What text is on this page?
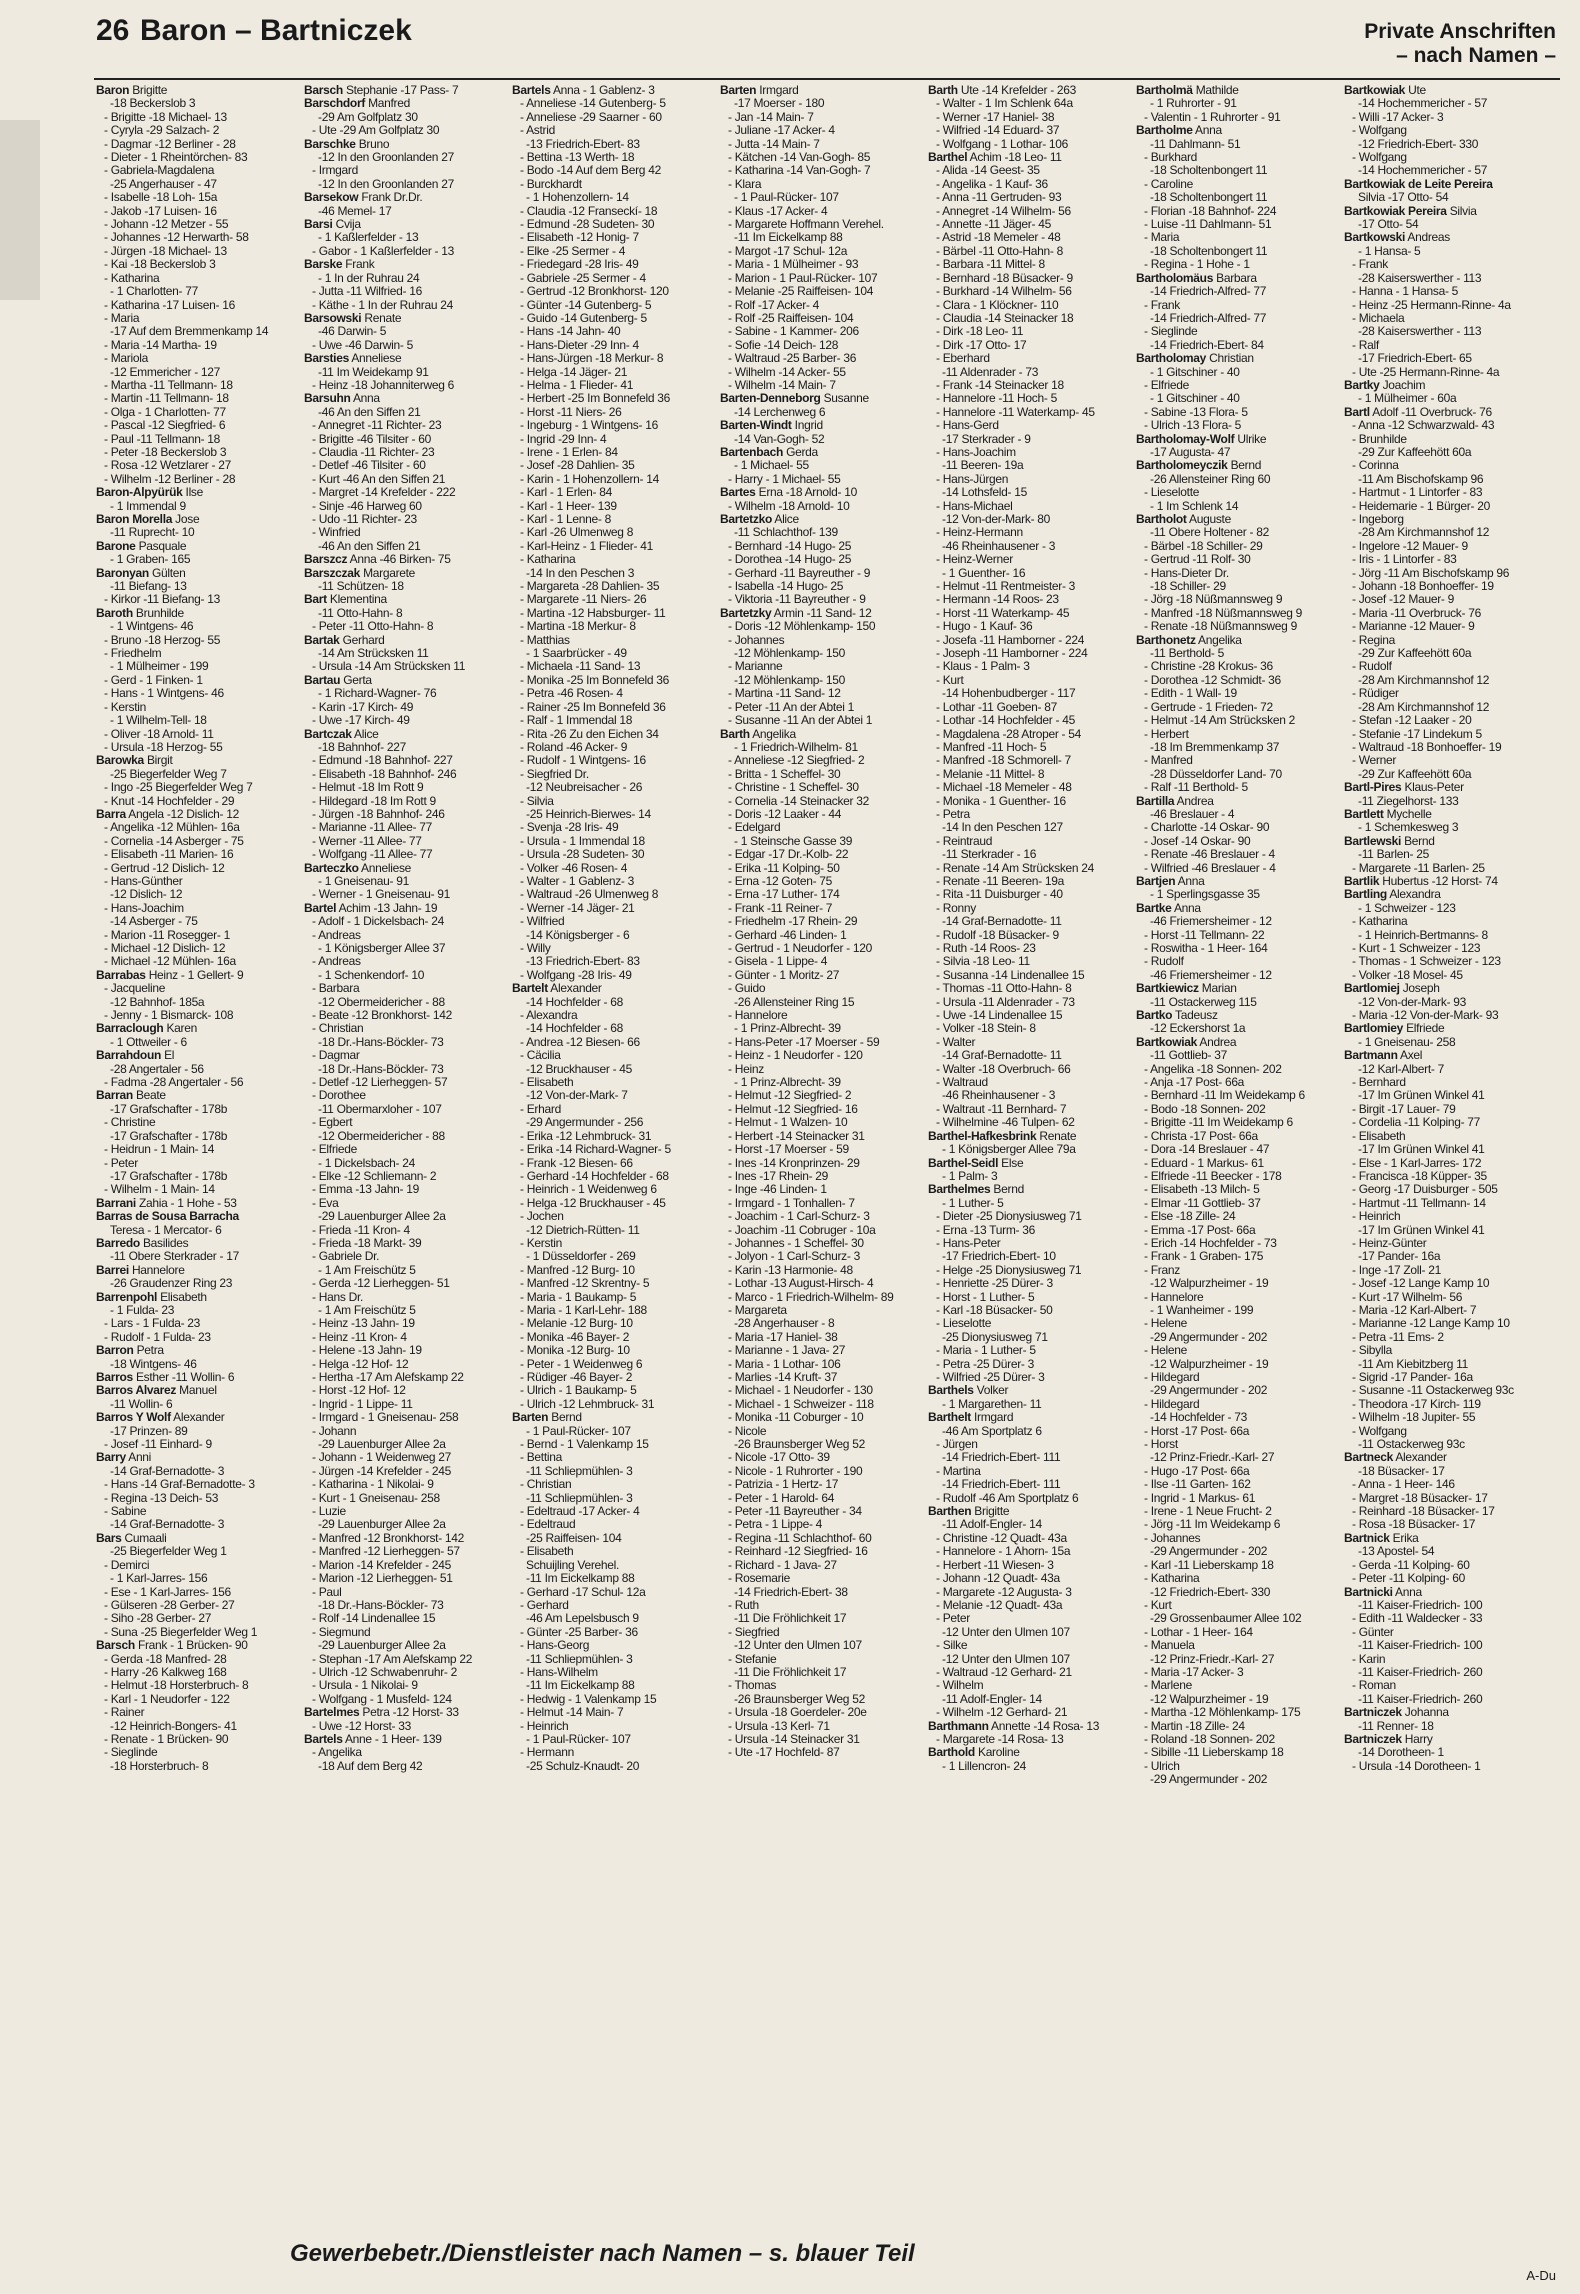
26 Baron – Bartniczek	Private Anschriften
– nach Namen –
Baron Brigitte
-18 Beckerslob 3
- Brigitte -18 Michael- 13
- Cyryla -29 Salzach- 2
- Dagmar -12 Berliner - 28
- Dieter - 1 Rheintörchen- 83
- Gabriela-Magdalena
-25 Angerhauser - 47
- Isabelle -18 Loh- 15a
- Jakob -17 Luisen- 16
- Johann -12 Metzer - 55
- Johannes -12 Herwarth- 58
- Jürgen -18 Michael- 13
- Kai -18 Beckerslob 3
- Katharina
- 1 Charlotten- 77
- Katharina -17 Luisen- 16
- Maria
-17 Auf dem Bremmenkamp 14
- Maria -14 Martha- 19
- Mariola
-12 Emmericher - 127
- Martha -11 Tellmann- 18
- Martin -11 Tellmann- 18
- Olga - 1 Charlotten- 77
- Pascal -12 Siegfried- 6
- Paul -11 Tellmann- 18
- Peter -18 Beckerslob 3
- Rosa -12 Wetzlarer - 27
- Wilhelm -12 Berliner - 28
Baron-Alpyürük Ilse
- 1 Immendal 9
Baron Morella Jose
-11 Ruprecht- 10
Barone Pasquale
- 1 Graben- 165
Baronyan Gülten
-11 Biefang- 13
- Kirkor -11 Biefang- 13
Baroth Brunhilde
- 1 Wintgens- 46
- Bruno -18 Herzog- 55
- Friedhelm
- 1 Mülheimer - 199
- Gerd - 1 Finken- 1
- Hans - 1 Wintgens- 46
- Kerstin
- 1 Wilhelm-Tell- 18
- Oliver -18 Arnold- 11
- Ursula -18 Herzog- 55
Barowka Birgit
-25 Biegerfelder Weg 7
- Ingo -25 Biegerfelder Weg 7
- Knut -14 Hochfelder - 29
Barra Angela -12 Dislich- 12
- Angelika -12 Mühlen- 16a
- Cornelia -14 Asberger - 75
- Elisabeth -11 Marien- 16
- Gertrud -12 Dislich- 12
- Hans-Günther
-12 Dislich- 12
- Hans-Joachim
-14 Asberger - 75
- Marion -11 Rosegger- 1
- Michael -12 Dislich- 12
- Michael -12 Mühlen- 16a
Barrabas Heinz - 1 Gellert- 9
- Jacqueline
-12 Bahnhof- 185a
- Jenny - 1 Bismarck- 108
Barraclough Karen
- 1 Ottweiler - 6
Barrahdoun El
-28 Angertaler - 56
- Fadma -28 Angertaler - 56
Barran Beate
-17 Grafschafter - 178b
- Christine
-17 Grafschafter - 178b
- Heidrun - 1 Main- 14
- Peter
-17 Grafschafter - 178b
- Wilhelm - 1 Main- 14
Barrani Zahia - 1 Hohe - 53
Barras de Sousa Barracha
Teresa - 1 Mercator- 6
Barredo Basilides
-11 Obere Sterkrader - 17
Barrei Hannelore
-26 Graudenzer Ring 23
Barrenpohl Elisabeth
- 1 Fulda- 23
- Lars - 1 Fulda- 23
- Rudolf - 1 Fulda- 23
Barron Petra
-18 Wintgens- 46
Barros Esther -11 Wollin- 6
Barros Alvarez Manuel
-11 Wollin- 6
Barros Y Wolf Alexander
-17 Prinzen- 89
- Josef -11 Einhard- 9
Barry Anni
-14 Graf-Bernadotte- 3
- Hans -14 Graf-Bernadotte- 3
- Regina -13 Deich- 53
- Sabine
-14 Graf-Bernadotte- 3
Bars Cumaali
-25 Biegerfelder Weg 1
- Demirci
- 1 Karl-Jarres- 156
- Ese - 1 Karl-Jarres- 156
- Gülseren -28 Gerber- 27
- Siho -28 Gerber- 27
- Suna -25 Biegerfelder Weg 1
Barsch Frank - 1 Brücken- 90
- Gerda -18 Manfred- 28
- Harry -26 Kalkweg 168
- Helmut -18 Horsterbruch- 8
- Karl - 1 Neudorfer - 122
- Rainer
-12 Heinrich-Bongers- 41
- Renate - 1 Brücken- 90
- Sieglinde
-18 Horsterbruch- 8
Barsch Stephanie -17 Pass- 7
Barschdorf Manfred
-29 Am Golfplatz 30
- Ute -29 Am Golfplatz 30
Barschke Bruno
-12 In den Groonlanden 27
- Irmgard
-12 In den Groonlanden 27
Barsekow Frank Dr.Dr.
-46 Memel- 17
Barsi Cvija
- 1 Kaßlerfelder - 13
- Gabor - 1 Kaßlerfelder - 13
Barske Frank
- 1 In der Ruhrau 24
- Jutta -11 Wilfried- 16
- Käthe - 1 In der Ruhrau 24
Barsowski Renate
-46 Darwin- 5
- Uwe -46 Darwin- 5
Barsties Anneliese
-11 Im Weidekamp 91
- Heinz -18 Johanniterweg 6
Barsuhn Anna
-46 An den Siffen 21
- Annegret -11 Richter- 23
- Brigitte -46 Tilsiter - 60
- Claudia -11 Richter- 23
- Detlef -46 Tilsiter - 60
- Kurt -46 An den Siffen 21
- Margret -14 Krefelder - 222
- Sinje -46 Harweg 60
- Udo -11 Richter- 23
- Winfried
-46 An den Siffen 21
Barszcz Anna -46 Birken- 75
Barszczak Margarete
-11 Schützen- 18
Bart Klementina
-11 Otto-Hahn- 8
- Peter -11 Otto-Hahn- 8
Bartak Gerhard
-14 Am Strücksken 11
- Ursula -14 Am Strücksken 11
Bartau Gerta
- 1 Richard-Wagner- 76
- Karin -17 Kirch- 49
- Uwe -17 Kirch- 49
Bartczak Alice
-18 Bahnhof- 227
- Edmund -18 Bahnhof- 227
- Elisabeth -18 Bahnhof- 246
- Helmut -18 Im Rott 9
- Hildegard -18 Im Rott 9
- Jürgen -18 Bahnhof- 246
- Marianne -11 Allee- 77
- Werner -11 Allee- 77
- Wolfgang -11 Allee- 77
Barteczko Anneliese
- 1 Gneisenau- 91
- Werner - 1 Gneisenau- 91
Bartel Achim -13 Jahn- 19
- Adolf - 1 Dickelsbach- 24
- Andreas
- 1 Königsberger Allee 37
- Andreas
- 1 Schenkendorf- 10
- Barbara
-12 Obermeidericher - 88
- Beate -12 Bronkhorst- 142
- Christian
-18 Dr.-Hans-Böckler- 73
- Dagmar
-18 Dr.-Hans-Böckler- 73
- Detlef -12 Lierheggen- 57
- Dorothee
-11 Obermarxloher - 107
- Egbert
-12 Obermeidericher - 88
- Elfriede
- 1 Dickelsbach- 24
- Elke -12 Schliemann- 2
- Emma -13 Jahn- 19
- Eva
-29 Lauenburger Allee 2a
- Frieda -11 Kron- 4
- Frieda -18 Markt- 39
- Gabriele Dr.
- 1 Am Freischütz 5
- Gerda -12 Lierheggen- 51
- Hans Dr.
- 1 Am Freischütz 5
- Heinz -13 Jahn- 19
- Heinz -11 Kron- 4
- Helene -13 Jahn- 19
- Helga -12 Hof- 12
- Hertha -17 Am Alefskamp 22
- Horst -12 Hof- 12
- Ingrid - 1 Lippe- 11
- Irmgard - 1 Gneisenau- 258
- Johann
-29 Lauenburger Allee 2a
- Johann - 1 Weidenweg 27
- Jürgen -14 Krefelder - 245
- Katharina - 1 Nikolai- 9
- Kurt - 1 Gneisenau- 258
- Luzie
-29 Lauenburger Allee 2a
- Manfred -12 Bronkhorst- 142
- Manfred -12 Lierheggen- 57
- Marion -14 Krefelder - 245
- Marion -12 Lierheggen- 51
- Paul
-18 Dr.-Hans-Böckler- 73
- Rolf -14 Lindenallee 15
- Siegmund
-29 Lauenburger Allee 2a
- Stephan -17 Am Alefskamp 22
- Ulrich -12 Schwabenruhr- 2
- Ursula - 1 Nikolai- 9
- Wolfgang - 1 Musfeld- 124
Bartelmes Petra -12 Horst- 33
- Uwe -12 Horst- 33
Bartels Anne - 1 Heer- 139
- Angelika
-18 Auf dem Berg 42
Bartels Anna - 1 Gablenz- 3
- Anneliese -14 Gutenberg- 5
- Anneliese -29 Saarner - 60
- Astrid
-13 Friedrich-Ebert- 83
- Bettina -13 Werth- 18
- Bodo -14 Auf dem Berg 42
- Burckhardt
- 1 Hohenzollern- 14
- Claudia -12 Franseckí- 18
- Edmund -28 Sudeten- 30
- Elisabeth -12 Honig- 7
- Elke -25 Sermer - 4
- Friedegard -28 Iris- 49
- Gabriele -25 Sermer - 4
- Gertrud -12 Bronkhorst- 120
- Günter -14 Gutenberg- 5
- Guido -14 Gutenberg- 5
- Hans -14 Jahn- 40
- Hans-Dieter -29 Inn- 4
- Hans-Jürgen -18 Merkur- 8
- Helga -14 Jäger- 21
- Helma - 1 Flieder- 41
- Herbert -25 Im Bonnefeld 36
- Horst -11 Niers- 26
- Ingeburg - 1 Wintgens- 16
- Ingrid -29 Inn- 4
- Irene - 1 Erlen- 84
- Josef -28 Dahlien- 35
- Karin - 1 Hohenzollern- 14
- Karl - 1 Erlen- 84
- Karl - 1 Heer- 139
- Karl - 1 Lenne- 8
- Karl -26 Ulmenweg 8
- Karl-Heinz - 1 Flieder- 41
- Katharina
-14 In den Peschen 3
- Margareta -28 Dahlien- 35
- Margarete -11 Niers- 26
- Martina -12 Habsburger- 11
- Martina -18 Merkur- 8
- Matthias
- 1 Saarbrücker - 49
- Michaela -11 Sand- 13
- Monika -25 Im Bonnefeld 36
- Petra -46 Rosen- 4
- Rainer -25 Im Bonnefeld 36
- Ralf - 1 Immendal 18
- Rita -26 Zu den Eichen 34
- Roland -46 Acker- 9
- Rudolf - 1 Wintgens- 16
- Siegfried Dr.
-12 Neubreisacher - 26
- Silvia
-25 Heinrich-Bierwes- 14
- Svenja -28 Iris- 49
- Ursula - 1 Immendal 18
- Ursula -28 Sudeten- 30
- Volker -46 Rosen- 4
- Walter - 1 Gablenz- 3
- Waltraud -26 Ulmenweg 8
- Werner -14 Jäger- 21
- Wilfried
-14 Königsberger - 6
- Willy
-13 Friedrich-Ebert- 83
- Wolfgang -28 Iris- 49
Bartelt Alexander
-14 Hochfelder - 68
- Alexandra
-14 Hochfelder - 68
- Andrea -12 Biesen- 66
- Cäcilia
-12 Bruckhauser - 45
- Elisabeth
-12 Von-der-Mark- 7
- Erhard
-29 Angermunder - 256
- Erika -12 Lehmbruck- 31
- Erika -14 Richard-Wagner- 5
- Frank -12 Biesen- 66
- Gerhard -14 Hochfelder - 68
- Heinrich - 1 Weidenweg 6
- Helga -12 Bruckhauser - 45
- Jochen
-12 Dietrich-Rütten- 11
- Kerstin
- 1 Düsseldorfer - 269
- Manfred -12 Burg- 10
- Manfred -12 Skrentny- 5
- Maria - 1 Baukamp- 5
- Maria - 1 Karl-Lehr- 188
- Melanie -12 Burg- 10
- Monika -46 Bayer- 2
- Monika -12 Burg- 10
- Peter - 1 Weidenweg 6
- Rüdiger -46 Bayer- 2
- Ulrich - 1 Baukamp- 5
- Ulrich -12 Lehmbruck- 31
Barten Bernd
- 1 Paul-Rücker- 107
- Bernd - 1 Valenkamp 15
- Bettina
-11 Schliepmühlen- 3
- Christian
-11 Schliepmühlen- 3
- Edeltraud -17 Acker- 4
- Edeltraud
-25 Raiffeisen- 104
- Elisabeth
Schuijling Verehel.
-11 Im Eickelkamp 88
- Gerhard -17 Schul- 12a
- Gerhard
-46 Am Lepelsbusch 9
- Günter -25 Barber- 36
- Hans-Georg
-11 Schliepmühlen- 3
- Hans-Wilhelm
-11 Im Eickelkamp 88
- Hedwig - 1 Valenkamp 15
- Helmut -14 Main- 7
- Heinrich
- 1 Paul-Rücker- 107
- Hermann
-25 Schulz-Knaudt- 20
Barten Irmgard
-17 Moerser - 180
- Jan -14 Main- 7
- Juliane -17 Acker- 4
- Jutta -14 Main- 7
- Kätchen -14 Van-Gogh- 85
- Katharina -14 Van-Gogh- 7
- Klara
- 1 Paul-Rücker- 107
- Klaus -17 Acker- 4
- Margarete Hoffmann Verehel.
-11 Im Eickelkamp 88
- Margot -17 Schul- 12a
- Maria - 1 Mülheimer - 93
- Marion - 1 Paul-Rücker- 107
- Melanie -25 Raiffeisen- 104
- Rolf -17 Acker- 4
- Rolf -25 Raiffeisen- 104
- Sabine - 1 Kammer- 206
- Sofie -14 Deich- 128
- Waltraud -25 Barber- 36
- Wilhelm -14 Acker- 55
- Wilhelm -14 Main- 7
Barten-Denneborg Susanne
-14 Lerchenweg 6
Barten-Windt Ingrid
-14 Van-Gogh- 52
Bartenbach Gerda
- 1 Michael- 55
- Harry - 1 Michael- 55
Bartes Erna -18 Arnold- 10
- Wilhelm -18 Arnold- 10
Bartetzko Alice
-11 Schlachthof- 139
- Bernhard -14 Hugo- 25
- Dorothea -14 Hugo- 25
- Gerhard -11 Bayreuther - 9
- Isabella -14 Hugo- 25
- Viktoria -11 Bayreuther - 9
Bartetzky Armin -11 Sand- 12
- Doris -12 Möhlenkamp- 150
- Johannes
-12 Möhlenkamp- 150
- Marianne
-12 Möhlenkamp- 150
- Martina -11 Sand- 12
- Peter -11 An der Abtei 1
- Susanne -11 An der Abtei 1
Barth Angelika
- 1 Friedrich-Wilhelm- 81
- Anneliese -12 Siegfried- 2
- Britta - 1 Scheffel- 30
- Christine - 1 Scheffel- 30
- Cornelia -14 Steinacker 32
- Doris -12 Laaker - 44
- Edelgard
- 1 Steinsche Gasse 39
- Edgar -17 Dr.-Kolb- 22
- Erika -11 Kolping- 50
- Erna -12 Goten- 75
- Erna -17 Luther- 174
- Frank -11 Reiner- 7
- Friedhelm -17 Rhein- 29
- Gerhard -46 Linden- 1
- Gertrud - 1 Neudorfer - 120
- Gisela - 1 Lippe- 4
- Günter - 1 Moritz- 27
- Guido
-26 Allensteiner Ring 15
- Hannelore
- 1 Prinz-Albrecht- 39
- Hans-Peter -17 Moerser - 59
- Heinz - 1 Neudorfer - 120
- Heinz
- 1 Prinz-Albrecht- 39
- Helmut -12 Siegfried- 2
- Helmut -12 Siegfried- 16
- Helmut - 1 Walzen- 10
- Herbert -14 Steinacker 31
- Horst -17 Moerser - 59
- Ines -14 Kronprinzen- 29
- Ines -17 Rhein- 29
- Inge -46 Linden- 1
- Irmgard - 1 Tonhallen- 7
- Joachim - 1 Carl-Schurz- 3
- Joachim -11 Cobruger - 10a
- Johannes - 1 Scheffel- 30
- Jolyon - 1 Carl-Schurz- 3
- Karin -13 Harmonie- 48
- Lothar -13 August-Hirsch- 4
- Marco - 1 Friedrich-Wilhelm- 89
- Margareta
-28 Angerhauser - 8
- Maria -17 Haniel- 38
- Marianne - 1 Java- 27
- Maria - 1 Lothar- 106
- Marlies -14 Kruft- 37
- Michael - 1 Neudorfer - 130
- Michael - 1 Schweizer - 118
- Monika -11 Coburger - 10
- Nicole
-26 Braunsberger Weg 52
- Nicole -17 Otto- 39
- Nicole - 1 Ruhrorter - 190
- Patrizia - 1 Hertz- 17
- Peter - 1 Harold- 64
- Peter -11 Bayreuther - 34
- Petra - 1 Lippe- 4
- Regina -11 Schlachthof- 60
- Reinhard -12 Siegfried- 16
- Richard - 1 Java- 27
- Rosemarie
-14 Friedrich-Ebert- 38
- Ruth
-11 Die Fröhlichkeit 17
- Siegfried
-12 Unter den Ulmen 107
- Stefanie
-11 Die Fröhlichkeit 17
- Thomas
-26 Braunsberger Weg 52
- Ursula -18 Goerdeler- 20e
- Ursula -13 Kerl- 71
- Ursula -14 Steinacker 31
- Ute -17 Hochfeld- 87
Barth Ute -14 Krefelder - 263
- Walter - 1 Im Schlenk 64a
- Werner -17 Haniel- 38
- Wilfried -14 Eduard- 37
- Wolfgang - 1 Lothar- 106
Barthel Achim -18 Leo- 11
- Alida -14 Geest- 35
- Angelika - 1 Kauf- 36
- Anna -11 Gertruden- 93
- Annegret -14 Wilhelm- 56
- Annette -11 Jäger- 45
- Astrid -18 Memeler - 48
- Bärbel -11 Otto-Hahn- 8
- Barbara -11 Mittel- 8
- Bernhard -18 Büsacker- 9
- Burkhard -14 Wilhelm- 56
- Clara - 1 Klöckner- 110
- Claudia -14 Steinacker 18
- Dirk -18 Leo- 11
- Dirk -17 Otto- 17
- Eberhard
-11 Aldenrader - 73
- Frank -14 Steinacker 18
- Hannelore -11 Hoch- 5
- Hannelore -11 Waterkamp- 45
- Hans-Gerd
-17 Sterkrader - 9
- Hans-Joachim
-11 Beeren- 19a
- Hans-Jürgen
-14 Lothsfeld- 15
- Hans-Michael
-12 Von-der-Mark- 80
- Heinz-Hermann
-46 Rheinhausener - 3
- Heinz-Werner
- 1 Guenther- 16
- Helmut -11 Rentmeister- 3
- Hermann -14 Roos- 23
- Horst -11 Waterkamp- 45
- Hugo - 1 Kauf- 36
- Josefa -11 Hamborner - 224
- Joseph -11 Hamborner - 224
- Klaus - 1 Palm- 3
- Kurt
-14 Hohenbudberger - 117
- Lothar -11 Goeben- 87
- Lothar -14 Hochfelder - 45
- Magdalena -28 Atroper - 54
- Manfred -11 Hoch- 5
- Manfred -18 Schmorell- 7
- Melanie -11 Mittel- 8
- Michael -18 Memeler - 48
- Monika - 1 Guenther- 16
- Petra
-14 In den Peschen 127
- Reintraud
-11 Sterkrader - 16
- Renate -14 Am Strücksken 24
- Renate -11 Beeren- 19a
- Rita -11 Duisburger - 40
- Ronny
-14 Graf-Bernadotte- 11
- Rudolf -18 Büsacker- 9
- Ruth -14 Roos- 23
- Silvia -18 Leo- 11
- Susanna -14 Lindenallee 15
- Thomas -11 Otto-Hahn- 8
- Ursula -11 Aldenrader - 73
- Uwe -14 Lindenallee 15
- Volker -18 Stein- 8
- Walter
-14 Graf-Bernadotte- 11
- Walter -18 Overbruch- 66
- Waltraud
-46 Rheinhausener - 3
- Waltraut -11 Bernhard- 7
- Wilhelmine -46 Tulpen- 62
Barthel-Hafkesbrink Renate
- 1 Königsberger Allee 79a
Barthel-Seidl Else
- 1 Palm- 3
Barthelmes Bernd
- 1 Luther- 5
- Dieter -25 Dionysiusweg 71
- Erna -13 Turm- 36
- Hans-Peter
-17 Friedrich-Ebert- 10
- Helge -25 Dionysiusweg 71
- Henriette -25 Dürer- 3
- Horst - 1 Luther- 5
- Karl -18 Büsacker- 50
- Lieselotte
-25 Dionysiusweg 71
- Maria - 1 Luther- 5
- Petra -25 Dürer- 3
- Wilfried -25 Dürer- 3
Barthels Volker
- 1 Margarethen- 11
Barthelt Irmgard
-46 Am Sportplatz 6
- Jürgen
-14 Friedrich-Ebert- 111
- Martina
-14 Friedrich-Ebert- 111
- Rudolf -46 Am Sportplatz 6
Barthen Brigitte
-11 Adolf-Engler- 14
- Christine -12 Quadt- 43a
- Hannelore - 1 Ahorn- 15a
- Herbert -11 Wiesen- 3
- Johann -12 Quadt- 43a
- Margarete -12 Augusta- 3
- Melanie -12 Quadt- 43a
- Peter
-12 Unter den Ulmen 107
- Silke
-12 Unter den Ulmen 107
- Waltraud -12 Gerhard- 21
- Wilhelm
-11 Adolf-Engler- 14
- Wilhelm -12 Gerhard- 21
Barthmann Annette -14 Rosa- 13
- Margarete -14 Rosa- 13
Barthold Karoline
- 1 Lillencron- 24
Bartholmä Mathilde
- 1 Ruhrorter - 91
- Valentin - 1 Ruhrorter - 91
Bartholme Anna
-11 Dahlmann- 51
- Burkhard
-18 Scholtenbongert 11
- Caroline
-18 Scholtenbongert 11
- Florian -18 Bahnhof- 224
- Luise -11 Dahlmann- 51
- Maria
-18 Scholtenbongert 11
- Regina - 1 Hohe - 1
Bartholomäus Barbara
-14 Friedrich-Alfred- 77
- Frank
-14 Friedrich-Alfred- 77
- Sieglinde
-14 Friedrich-Ebert- 84
Bartholomay Christian
- 1 Gitschiner - 40
- Elfriede
- 1 Gitschiner - 40
- Sabine -13 Flora- 5
- Ulrich -13 Flora- 5
Bartholomay-Wolf Ulrike
-17 Augusta- 47
Bartholomeyczik Bernd
-26 Allensteiner Ring 60
- Lieselotte
- 1 Im Schlenk 14
Bartholot Auguste
-11 Obere Holtener - 82
- Bärbel -18 Schiller- 29
- Gertrud -11 Rolf- 30
- Hans-Dieter Dr.
-18 Schiller- 29
- Jörg -18 Nüßmannsweg 9
- Manfred -18 Nüßmannsweg 9
- Renate -18 Nüßmannsweg 9
Barthonetz Angelika
-11 Berthold- 5
- Christine -28 Krokus- 36
- Dorothea -12 Schmidt- 36
- Edith - 1 Wall- 19
- Gertrude - 1 Frieden- 72
- Helmut -14 Am Strücksken 2
- Herbert
-18 Im Bremmenkamp 37
- Manfred
-28 Düsseldorfer Land- 70
- Ralf -11 Berthold- 5
Bartilla Andrea
-46 Breslauer - 4
- Charlotte -14 Oskar- 90
- Josef -14 Oskar- 90
- Renate -46 Breslauer - 4
- Wilfried -46 Breslauer - 4
Bartjen Anna
- 1 Sperlingsgasse 35
Bartke Anna
-46 Friemersheimer - 12
- Horst -11 Tellmann- 22
- Roswitha - 1 Heer- 164
- Rudolf
-46 Friemersheimer - 12
Bartkiewicz Marian
-11 Ostackerweg 115
Bartko Tadeusz
-12 Eckershorst 1a
Bartkowiak Andrea
-11 Gottlieb- 37
- Angelika -18 Sonnen- 202
- Anja -17 Post- 66a
- Bernhard -11 Im Weidekamp 6
- Bodo -18 Sonnen- 202
- Brigitte -11 Im Weidekamp 6
- Christa -17 Post- 66a
- Dora -14 Breslauer - 47
- Eduard - 1 Markus- 61
- Elfriede -11 Beecker - 178
- Elisabeth -13 Milch- 5
- Elmar -11 Gottlieb- 37
- Else -18 Zille- 24
- Emma -17 Post- 66a
- Erich -14 Hochfelder - 73
- Frank - 1 Graben- 175
- Franz
-12 Walpurzheimer - 19
- Hannelore
- 1 Wanheimer - 199
- Helene
-29 Angermunder - 202
- Helene
-12 Walpurzheimer - 19
- Hildegard
-29 Angermunder - 202
- Hildegard
-14 Hochfelder - 73
- Horst -17 Post- 66a
- Horst
-12 Prinz-Friedr.-Karl- 27
- Hugo -17 Post- 66a
- Ilse -11 Garten- 162
- Ingrid - 1 Markus- 61
- Irene - 1 Neue Frucht- 2
- Jörg -11 Im Weidekamp 6
- Johannes
-29 Angermunder - 202
- Karl -11 Lieberskamp 18
- Katharina
-12 Friedrich-Ebert- 330
- Kurt
-29 Grossenbaumer Allee 102
- Lothar - 1 Heer- 164
- Manuela
-12 Prinz-Friedr.-Karl- 27
- Maria -17 Acker- 3
- Marlene
-12 Walpurzheimer - 19
- Martha -12 Möhlenkamp- 175
- Martin -18 Zille- 24
- Roland -18 Sonnen- 202
- Sibille -11 Lieberskamp 18
- Ulrich
-29 Angermunder - 202
Bartkowiak Ute
-14 Hochemmericher - 57
- Willi -17 Acker- 3
- Wolfgang
-12 Friedrich-Ebert- 330
- Wolfgang
-14 Hochemmericher - 57
Bartkowiak de Leite Pereira
Silvia -17 Otto- 54
Bartkowiak Pereira Silvia
-17 Otto- 54
Bartkowski Andreas
- 1 Hansa- 5
- Frank
-28 Kaiserswerther - 113
- Hanna - 1 Hansa- 5
- Heinz -25 Hermann-Rinne- 4a
- Michaela
-28 Kaiserswerther - 113
- Ralf
-17 Friedrich-Ebert- 65
- Ute -25 Hermann-Rinne- 4a
Bartky Joachim
- 1 Mülheimer - 60a
Bartl Adolf -11 Overbruck- 76
- Anna -12 Schwarzwald- 43
- Brunhilde
-29 Zur Kaffeehött 60a
- Corinna
-11 Am Bischofskamp 96
- Hartmut - 1 Lintorfer - 83
- Heidemarie - 1 Bürger- 20
- Ingeborg
-28 Am Kirchmannshof 12
- Ingelore -12 Mauer- 9
- Iris - 1 Lintorfer - 83
- Jörg -11 Am Bischofskamp 96
- Johann -18 Bonhoeffer- 19
- Josef -12 Mauer- 9
- Maria -11 Overbruck- 76
- Marianne -12 Mauer- 9
- Regina
-29 Zur Kaffeehött 60a
- Rudolf
-28 Am Kirchmannshof 12
- Rüdiger
-28 Am Kirchmannshof 12
- Stefan -12 Laaker - 20
- Stefanie -17 Lindekum 5
- Waltraud -18 Bonhoeffer- 19
- Werner
-29 Zur Kaffeehött 60a
Bartl-Pires Klaus-Peter
-11 Ziegelhorst- 133
Bartlett Mychelle
- 1 Schemkesweg 3
Bartlewski Bernd
-11 Barlen- 25
- Margarete -11 Barlen- 25
Bartlik Hubertus -12 Horst- 74
Bartling Alexandra
- 1 Schweizer - 123
- Katharina
- 1 Heinrich-Bertmanns- 8
- Kurt - 1 Schweizer - 123
- Thomas - 1 Schweizer - 123
- Volker -18 Mosel- 45
Bartlomiej Joseph
-12 Von-der-Mark- 93
- Maria -12 Von-der-Mark- 93
Bartlomiey Elfriede
- 1 Gneisenau- 258
Bartmann Axel
-12 Karl-Albert- 7
- Bernhard
-17 Im Grünen Winkel 41
- Birgit -17 Lauer- 79
- Cordelia -11 Kolping- 77
- Elisabeth
-17 Im Grünen Winkel 41
- Else - 1 Karl-Jarres- 172
- Francisca -18 Küpper- 35
- Georg -17 Duisburger - 505
- Hartmut -11 Tellmann- 14
- Heinrich
-17 Im Grünen Winkel 41
- Heinz-Günter
-17 Pander- 16a
- Inge -17 Zoll- 21
- Josef -12 Lange Kamp 10
- Kurt -17 Wilhelm- 56
- Maria -12 Karl-Albert- 7
- Marianne -12 Lange Kamp 10
- Petra -11 Ems- 2
- Sibylla
-11 Am Kiebitzberg 11
- Sigrid -17 Pander- 16a
- Susanne -11 Ostackerweg 93c
- Theodora -17 Kirch- 119
- Wilhelm -18 Jupiter- 55
- Wolfgang
-11 Ostackerweg 93c
Bartneck Alexander
-18 Büsacker- 17
- Anna - 1 Heer- 146
- Margret -18 Büsacker- 17
- Reinhard -18 Büsacker- 17
- Rosa -18 Büsacker- 17
Bartnick Erika
-13 Apostel- 54
- Gerda -11 Kolping- 60
- Peter -11 Kolping- 60
Bartnicki Anna
-11 Kaiser-Friedrich- 100
- Edith -11 Waldecker - 33
- Günter
-11 Kaiser-Friedrich- 100
- Karin
-11 Kaiser-Friedrich- 260
- Roman
-11 Kaiser-Friedrich- 260
Bartniczek Johanna
-11 Renner- 18
Bartniczek Harry
-14 Dorotheen- 1
- Ursula -14 Dorotheen- 1
Gewerbebetr./Dienstleister nach Namen – s. blauer Teil
A-Du
